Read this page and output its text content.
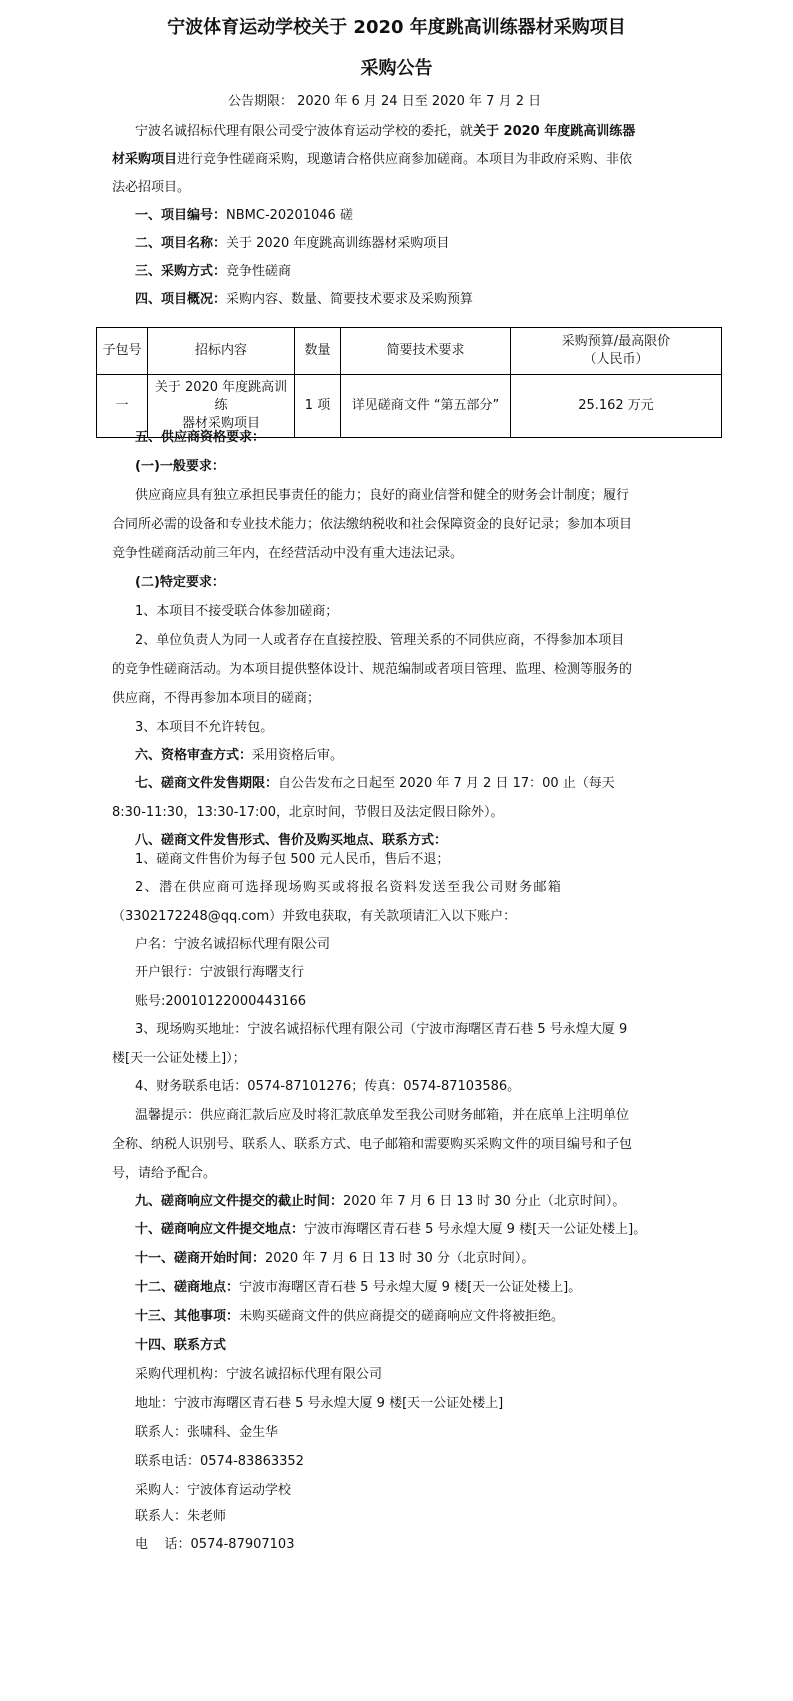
宁波体育运动学校关于 2020 年度跳高训练器材采购项目
采购公告
公告期限： 2020 年 6 月 24 日至 2020 年 7 月 2 日
宁波名诚招标代理有限公司受宁波体育运动学校的委托，就关于 2020 年度跳高训练器
材采购项目进行竞争性磋商采购，现邀请合格供应商参加磋商。本项目为非政府采购、非依
法必招项目。
一、项目编号：NBMC-20201046 磋
二、项目名称：关于 2020 年度跳高训练器材采购项目
三、采购方式：竞争性磋商
四、项目概况：采购内容、数量、简要技术要求及采购预算
子包号	招标内容	数量	简要技术要求	采购预算/最高限价
（人民币）

一	关于 2020 年度跳高训练
器材采购项目	1 项	详见磋商文件 “第五部分”	25.162 万元
五、供应商资格要求：
(一)一般要求：
供应商应具有独立承担民事责任的能力；良好的商业信誉和健全的财务会计制度；履行
合同所必需的设备和专业技术能力；依法缴纳税收和社会保障资金的良好记录；参加本项目
竞争性磋商活动前三年内，在经营活动中没有重大违法记录。
(二)特定要求：
1、本项目不接受联合体参加磋商；
2、单位负责人为同一人或者存在直接控股、管理关系的不同供应商，不得参加本项目
的竞争性磋商活动。为本项目提供整体设计、规范编制或者项目管理、监理、检测等服务的
供应商，不得再参加本项目的磋商；
3、本项目不允许转包。
六、资格审查方式：采用资格后审。
七、磋商文件发售期限：自公告发布之日起至 2020 年 7 月 2 日 17：00 止（每天
8:30-11:30，13:30-17:00，北京时间，节假日及法定假日除外）。
八、磋商文件发售形式、售价及购买地点、联系方式：
1、磋商文件售价为每子包 500 元人民币，售后不退；
2、潜在供应商可选择现场购买或将报名资料发送至我公司财务邮箱
（3302172248@qq.com）并致电获取，有关款项请汇入以下账户：
户名：宁波名诚招标代理有限公司
开户银行：宁波银行海曙支行
账号:20010122000443166
3、现场购买地址：宁波名诚招标代理有限公司（宁波市海曙区青石巷 5 号永煌大厦 9
楼[天一公证处楼上]）；
4、财务联系电话：0574-87101276；传真：0574-87103586。
温馨提示：供应商汇款后应及时将汇款底单发至我公司财务邮箱，并在底单上注明单位
全称、纳税人识别号、联系人、联系方式、电子邮箱和需要购买采购文件的项目编号和子包
号，请给予配合。
九、磋商响应文件提交的截止时间：2020 年 7 月 6 日 13 时 30 分止（北京时间）。
十、磋商响应文件提交地点：宁波市海曙区青石巷 5 号永煌大厦 9 楼[天一公证处楼上]。
十一、磋商开始时间：2020 年 7 月 6 日 13 时 30 分（北京时间）。
十二、磋商地点：宁波市海曙区青石巷 5 号永煌大厦 9 楼[天一公证处楼上]。
十三、其他事项：未购买磋商文件的供应商提交的磋商响应文件将被拒绝。
十四、联系方式
采购代理机构：宁波名诚招标代理有限公司
地址：宁波市海曙区青石巷 5 号永煌大厦 9 楼[天一公证处楼上]
联系人：张啸科、金生华
联系电话：0574-83863352
采购人：宁波体育运动学校
联系人：朱老师
电    话：0574-87907103
